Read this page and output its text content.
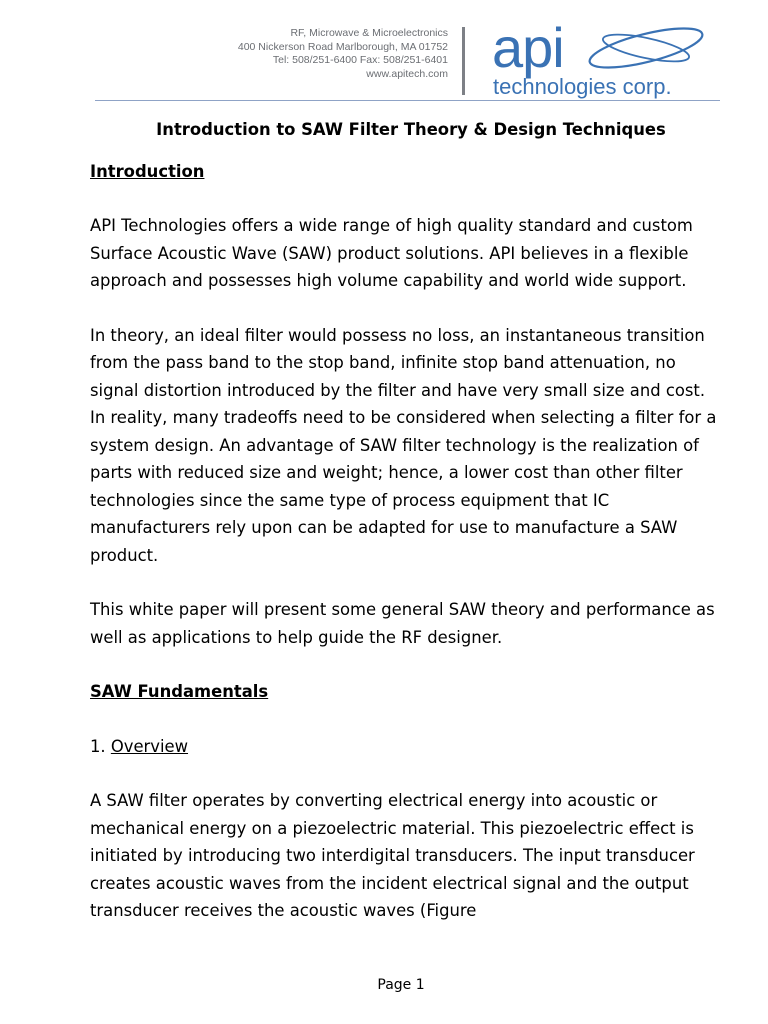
RF, Microwave & Microelectronics
400 Nickerson Road Marlborough, MA 01752
Tel: 508/251-6400 Fax: 508/251-6401
www.apitech.com api
technologies corp.
Introduction to SAW Filter Theory & Design Techniques

Introduction

API Technologies offers a wide range of high quality standard and custom Surface Acoustic Wave (SAW) product solutions. API believes in a flexible approach and possesses high volume capability and world wide support.

In theory, an ideal filter would possess no loss, an instantaneous transition from the pass band to the stop band, infinite stop band attenuation, no signal distortion introduced by the filter and have very small size and cost. In reality, many tradeoffs need to be considered when selecting a filter for a system design. An advantage of SAW filter technology is the realization of parts with reduced size and weight; hence, a lower cost than other filter technologies since the same type of process equipment that IC manufacturers rely upon can be adapted for use to manufacture a SAW product.

This white paper will present some general SAW theory and performance as well as applications to help guide the RF designer.

SAW Fundamentals

1. Overview

A SAW filter operates by converting electrical energy into acoustic or mechanical energy on a piezoelectric material. This piezoelectric effect is initiated by introducing two interdigital transducers. The input transducer creates acoustic waves from the incident electrical signal and the output transducer receives the acoustic waves (Figure

Page 1
